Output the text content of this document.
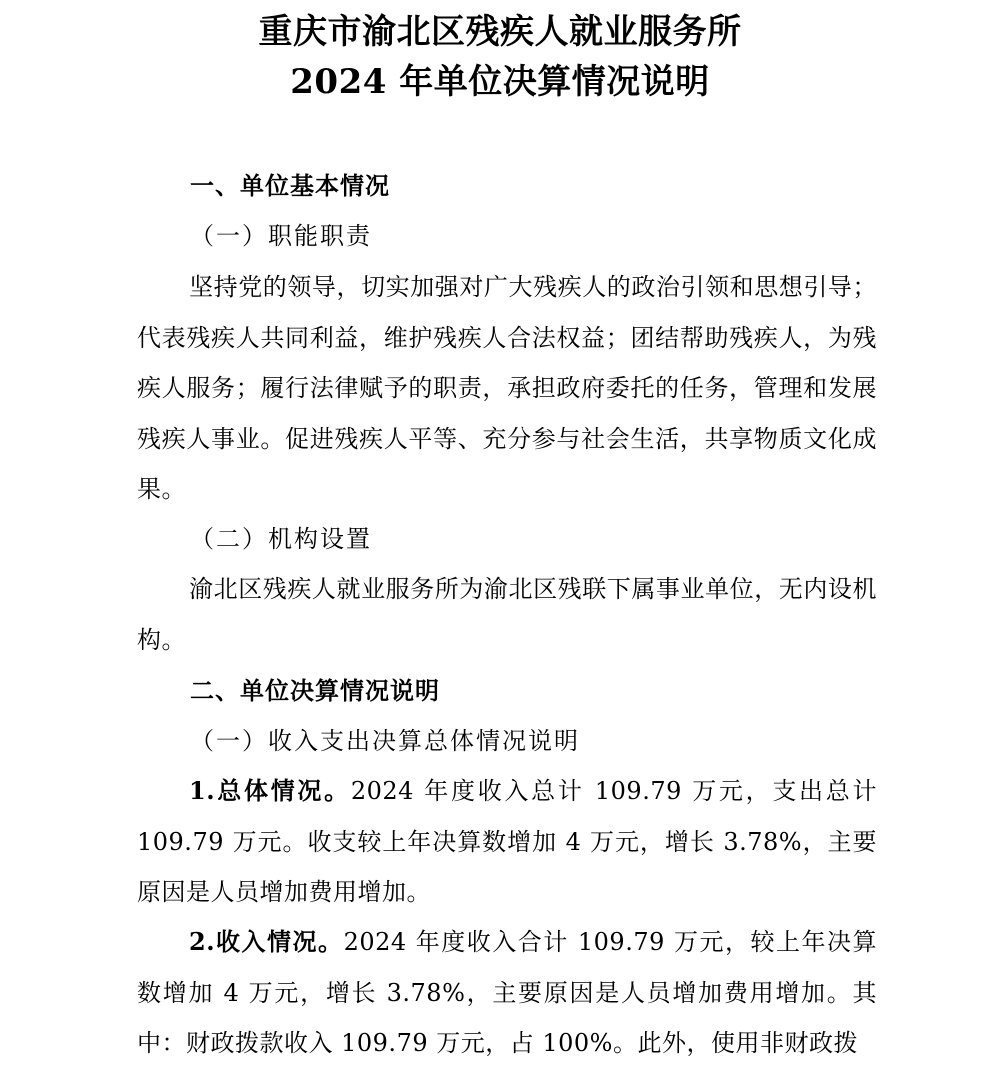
重庆市渝北区残疾人就业服务所
2024 年单位决算情况说明
一、单位基本情况
（一）职能职责
坚持党的领导，切实加强对广大残疾人的政治引领和思想引导；代表残疾人共同利益，维护残疾人合法权益；团结帮助残疾人，为残疾人服务；履行法律赋予的职责，承担政府委托的任务，管理和发展残疾人事业。促进残疾人平等、充分参与社会生活，共享物质文化成果。
（二）机构设置
渝北区残疾人就业服务所为渝北区残联下属事业单位，无内设机构。
二、单位决算情况说明
（一）收入支出决算总体情况说明
1.总体情况。2024 年度收入总计 109.79 万元，支出总计 109.79 万元。收支较上年决算数增加 4 万元，增长 3.78%，主要原因是人员增加费用增加。
2.收入情况。2024 年度收入合计 109.79 万元，较上年决算数增加 4 万元，增长 3.78%，主要原因是人员增加费用增加。其中：财政拨款收入 109.79 万元，占 100%。此外，使用非财政拨
